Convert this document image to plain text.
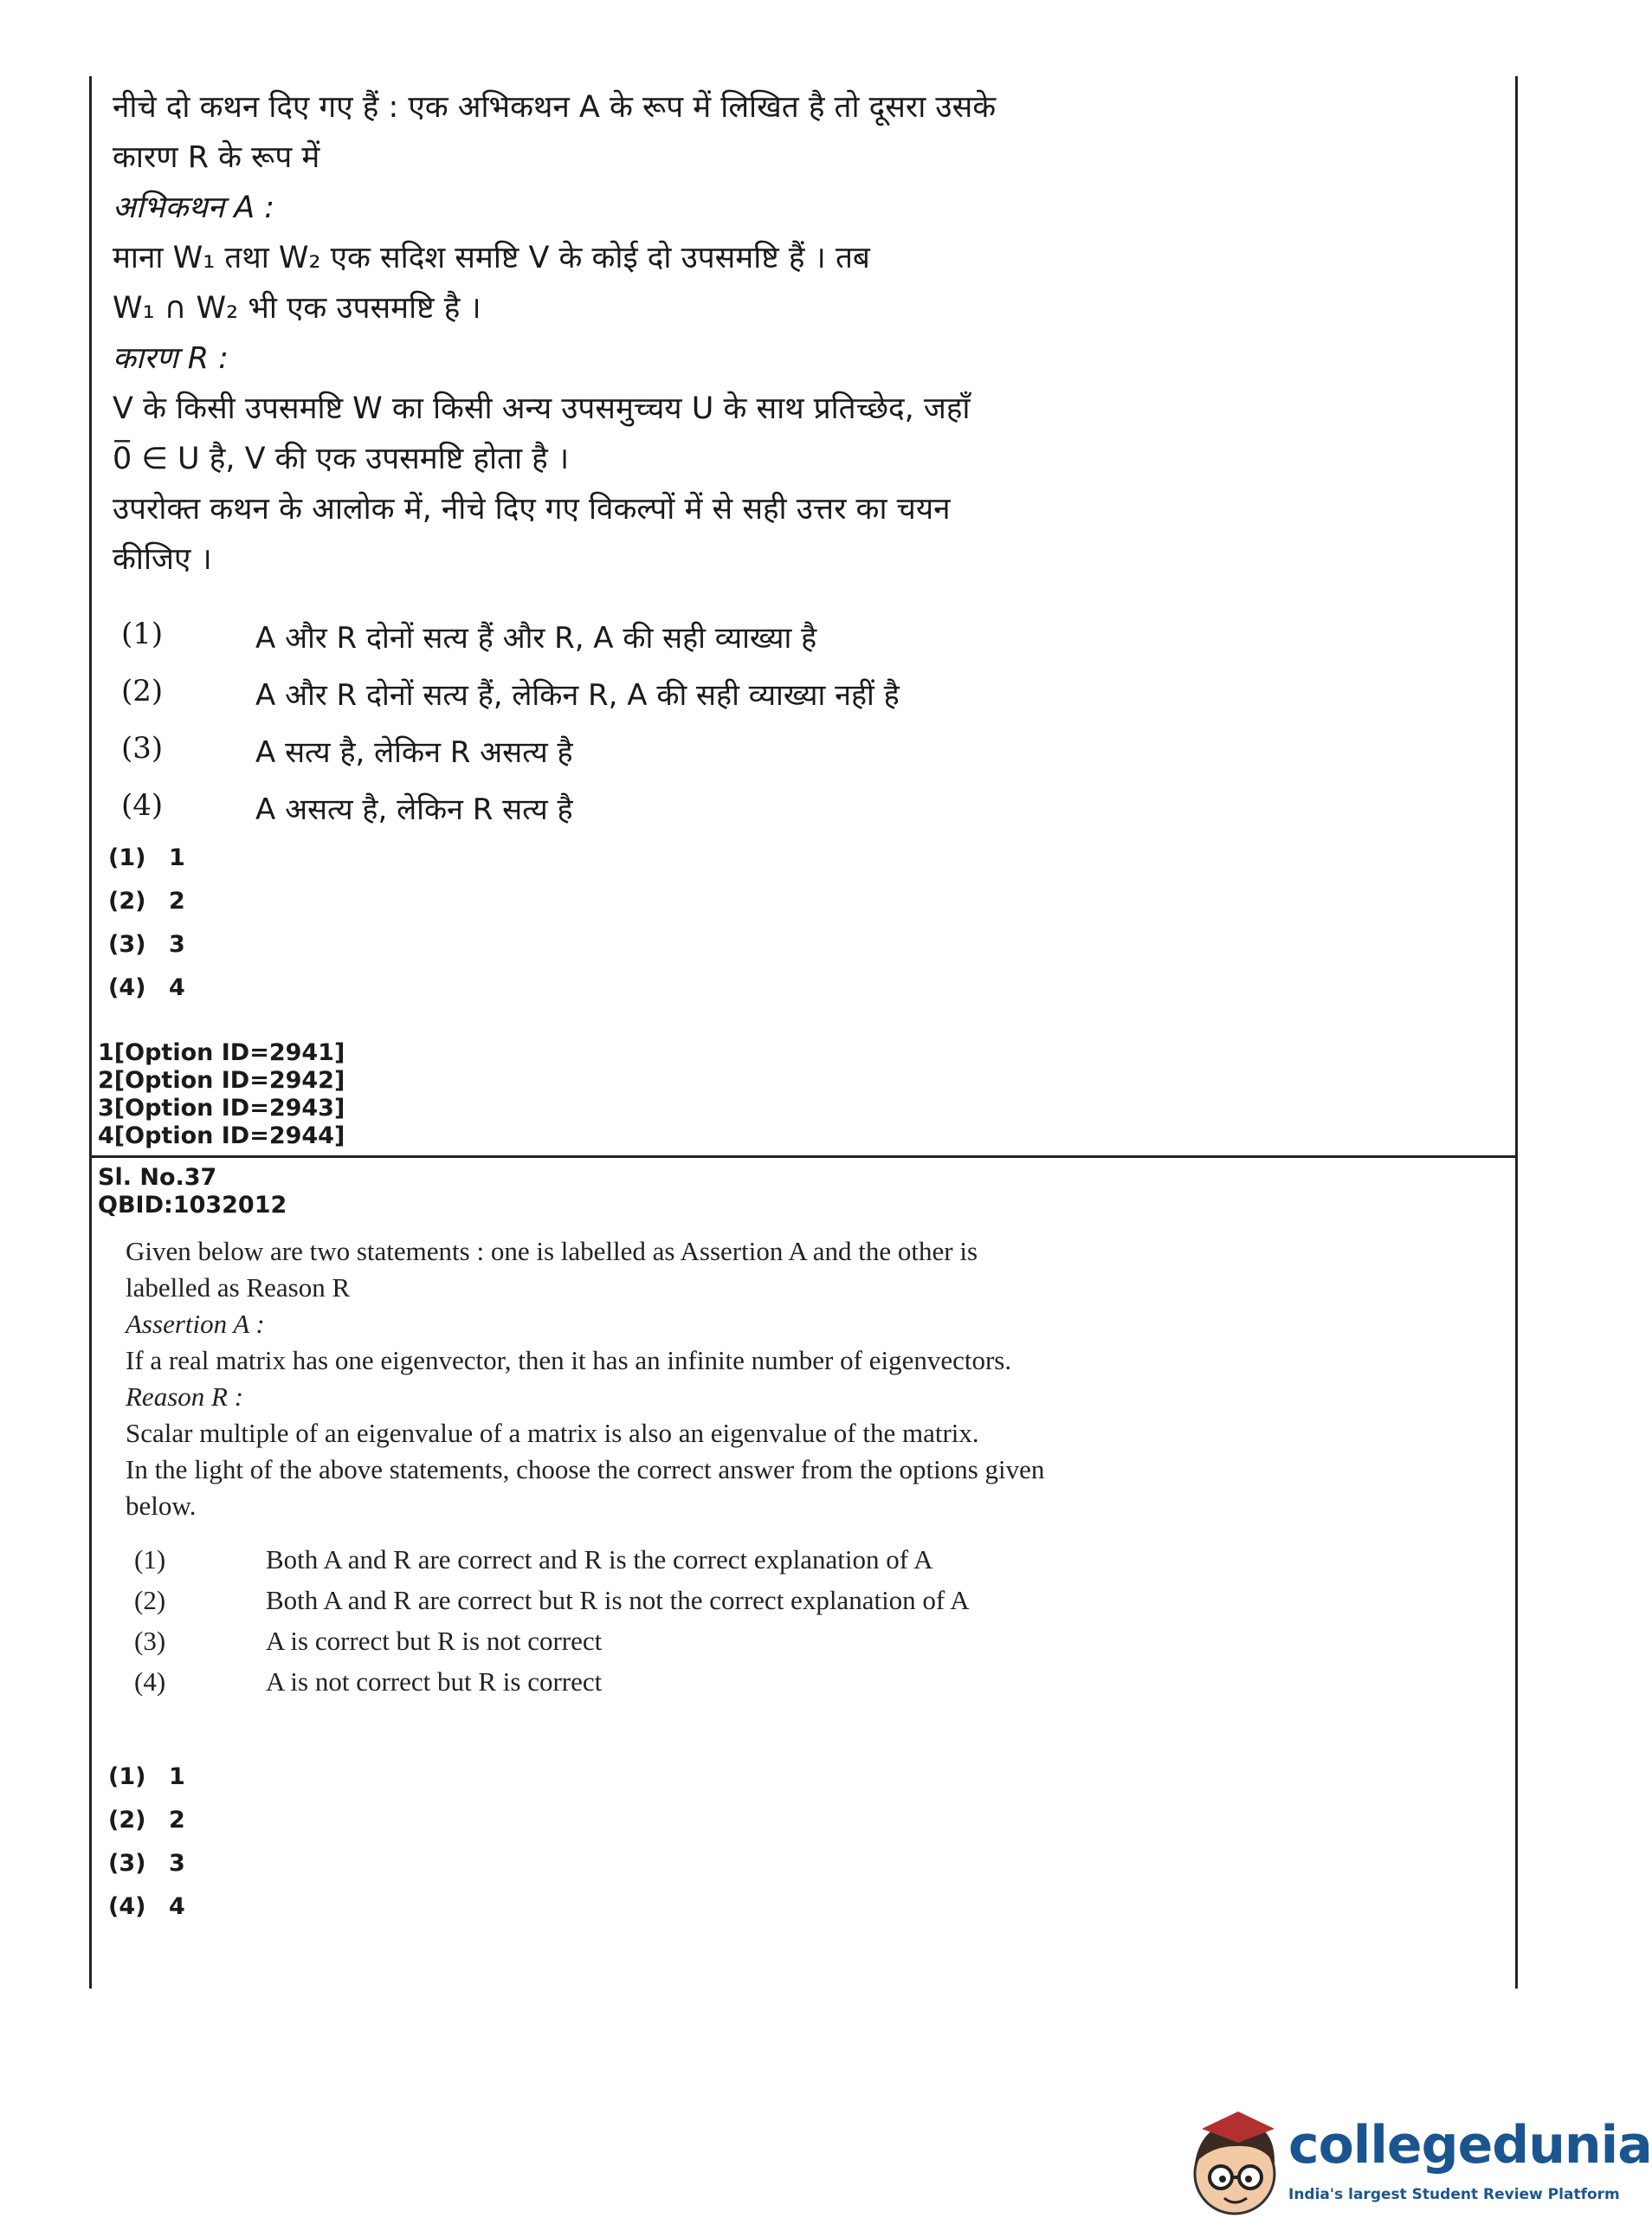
नीचे दो कथन दिए गए हैं : एक अभिकथन A के रूप में लिखित है तो दूसरा उसके
कारण R के रूप में
अभिकथन A :
माना W₁ तथा W₂ एक सदिश समष्टि V के कोई दो उपसमष्टि हैं । तब
W₁ ∩ W₂ भी एक उपसमष्टि है ।
कारण R :
V के किसी उपसमष्टि W का किसी अन्य उपसमुच्चय U के साथ प्रतिच्छेद, जहाँ
0̅ ∈ U है, V की एक उपसमष्टि होता है ।
उपरोक्त कथन के आलोक में, नीचे दिए गए विकल्पों में से सही उत्तर का चयन
कीजिए ।
(1)	A और R दोनों सत्य हैं और R, A की सही व्याख्या है
(2)	A और R दोनों सत्य हैं, लेकिन R, A की सही व्याख्या नहीं है
(3)	A सत्य है, लेकिन R असत्य है
(4)	A असत्य है, लेकिन R सत्य है
(1) 1
(2) 2
(3) 3
(4) 4
1[Option ID=2941]
2[Option ID=2942]
3[Option ID=2943]
4[Option ID=2944]
Sl. No.37
QBID:1032012
Given below are two statements : one is labelled as Assertion A and the other is
labelled as Reason R
Assertion A :
If a real matrix has one eigenvector, then it has an infinite number of eigenvectors.
Reason R :
Scalar multiple of an eigenvalue of a matrix is also an eigenvalue of the matrix.
In the light of the above statements, choose the correct answer from the options given
below.
(1)	Both A and R are correct and R is the correct explanation of A
(2)	Both A and R are correct but R is not the correct explanation of A
(3)	A is correct but R is not correct
(4)	A is not correct but R is correct
(1) 1
(2) 2
(3) 3
(4) 4
collegedunia
India's largest Student Review Platform
